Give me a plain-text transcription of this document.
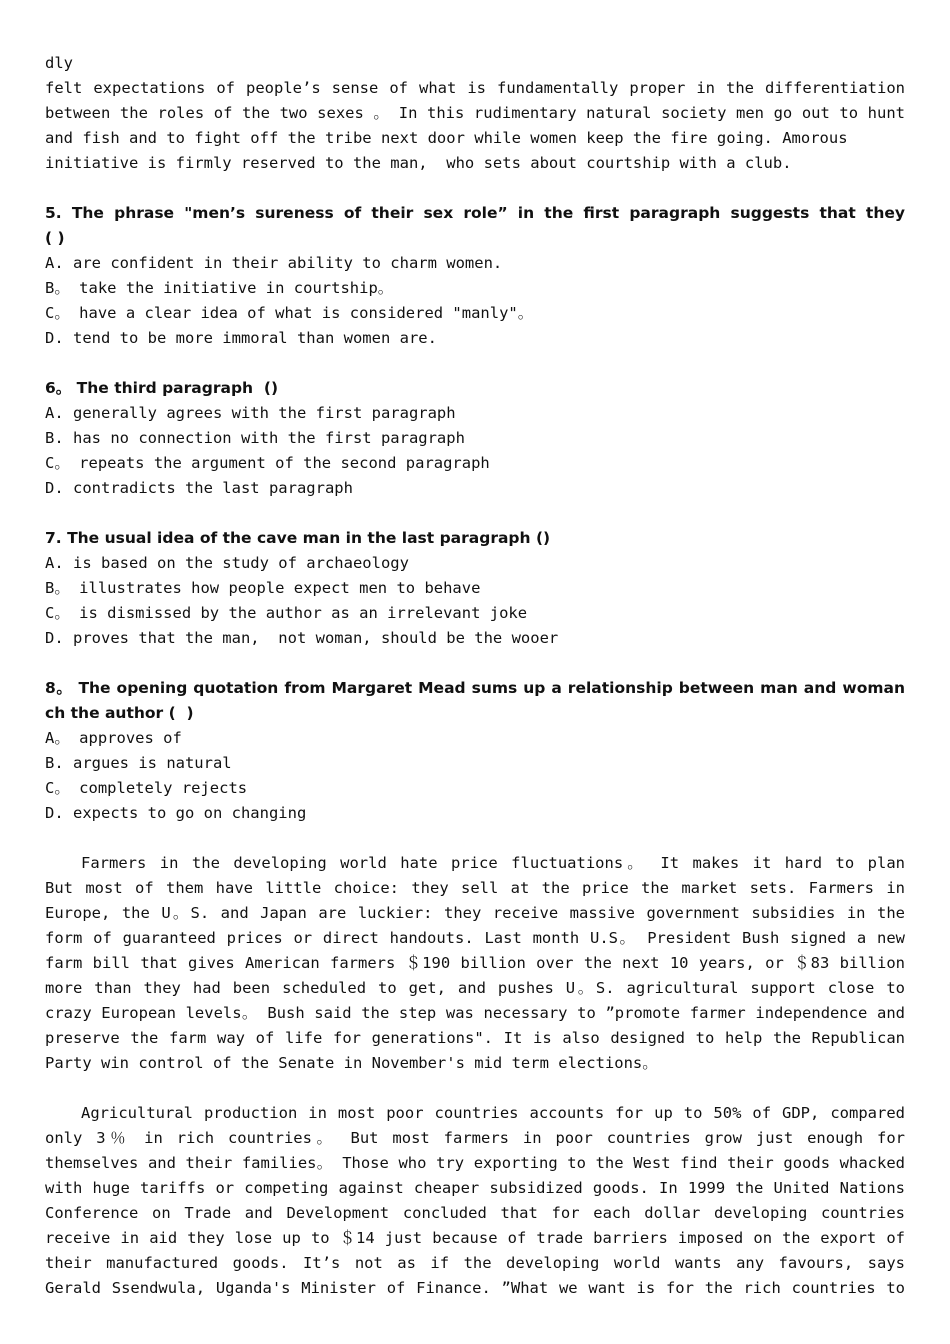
dly
felt expectations of people’s sense of what is fundamentally proper in the differentiation
between the roles of the two sexes 。 In this rudimentary natural society men go out to hunt
and fish and to fight off the tribe next door while women keep the fire going. Amorous
initiative is firmly reserved to the man,  who sets about courtship with a club.
5. The phrase "men’s sureness of their sex role” in the first paragraph suggests that they
( )
A. are confident in their ability to charm women.
B。 take the initiative in courtship。
C。 have a clear idea of what is considered "manly"。
D. tend to be more immoral than women are.
6。 The third paragraph  ()
A. generally agrees with the first paragraph
B. has no connection with the first paragraph
C。 repeats the argument of the second paragraph
D. contradicts the last paragraph
7. The usual idea of the cave man in the last paragraph ()
A. is based on the study of archaeology
B。 illustrates how people expect men to behave
C。 is dismissed by the author as an irrelevant joke
D. proves that the man,  not woman, should be the wooer
8。 The opening quotation from Margaret Mead sums up a relationship between man and woman
ch the author (  )
A。 approves of
B. argues is natural
C。 completely rejects
D. expects to go on changing
Farmers in the developing world hate price fluctuations。 It makes it hard to plan
But most of them have little choice: they sell at the price the market sets. Farmers in
Europe, the U。S. and Japan are luckier: they receive massive government subsidies in the
form of guaranteed prices or direct handouts. Last month U.S。 President Bush signed a new
farm bill that gives American farmers ＄190 billion over the next 10 years, or ＄83 billion
more than they had been scheduled to get, and pushes U。S. agricultural support close to
crazy European levels。 Bush said the step was necessary to ”promote farmer independence and
preserve the farm way of life for generations". It is also designed to help the Republican
Party win control of the Senate in November's mid term elections。
Agricultural production in most poor countries accounts for up to 50% of GDP, compared
only 3％ in rich countries。 But most farmers in poor countries grow just enough for
themselves and their families。 Those who try exporting to the West find their goods whacked
with huge tariffs or competing against cheaper subsidized goods. In 1999 the United Nations
Conference on Trade and Development concluded that for each dollar developing countries
receive in aid they lose up to ＄14 just because of trade barriers imposed on the export of
their manufactured goods. It’s not as if the developing world wants any favours, says
Gerald Ssendwula, Uganda's Minister of Finance. ”What we want is for the rich countries to
